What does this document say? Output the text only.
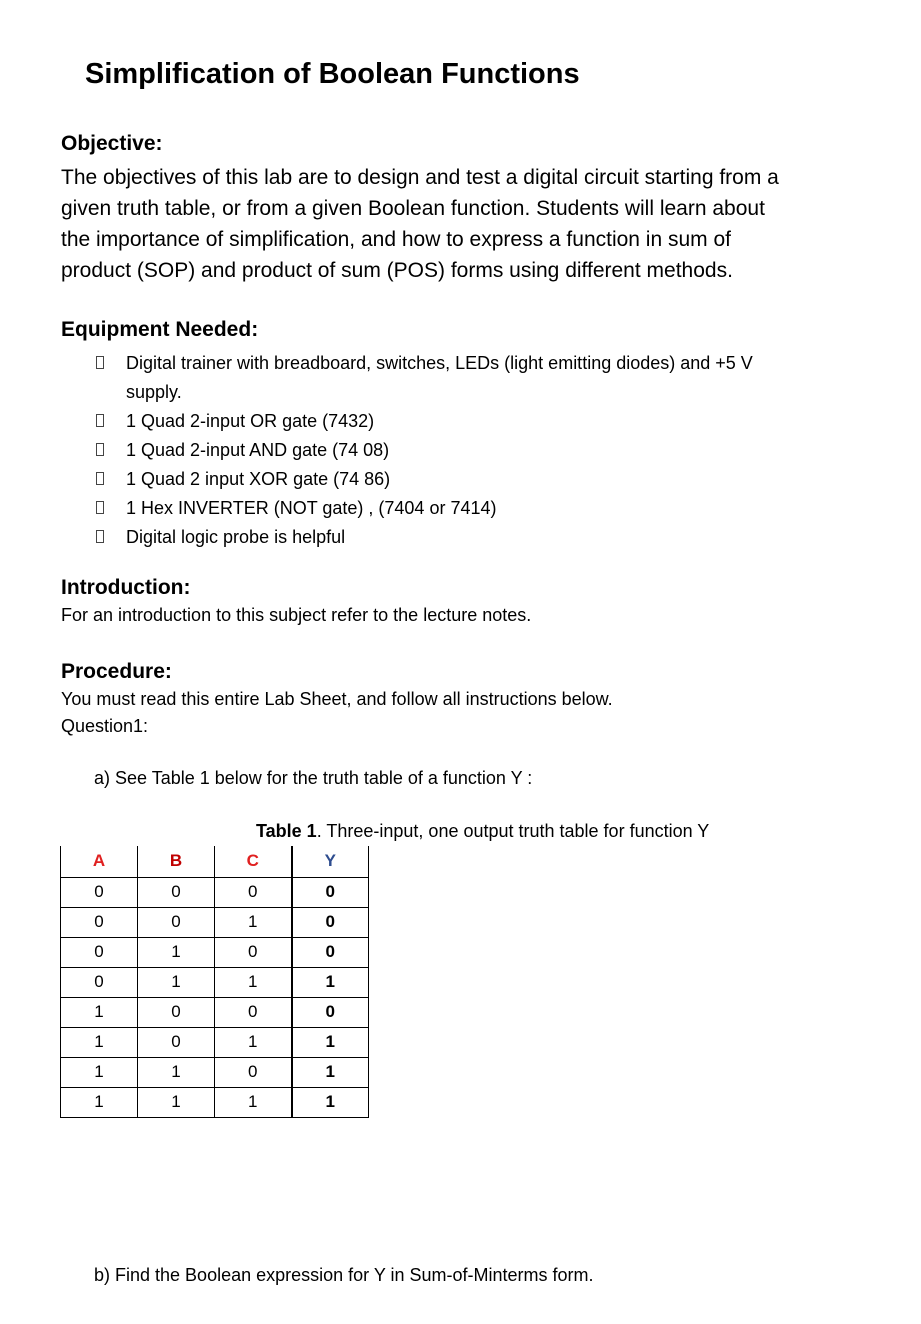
Simplification of Boolean Functions
Objective:
The objectives of this lab are to design and test a digital circuit starting from a
given truth table, or from a given Boolean function. Students will learn about
the importance of simplification, and how to express a function in sum of
product (SOP) and product of sum (POS) forms using different methods.
Equipment Needed:
Digital trainer with breadboard, switches, LEDs (light emitting diodes) and +5 V
supply.
1 Quad 2-input OR gate (7432)
1 Quad 2-input AND gate (74 08)
1 Quad 2 input XOR gate (74 86)
1 Hex INVERTER (NOT gate) , (7404 or 7414)
Digital logic probe is helpful
Introduction:
For an introduction to this subject refer to the lecture notes.
Procedure:
You must read this entire Lab Sheet, and follow all instructions below.
Question1:
a) See Table 1 below for the truth table of a function Y :
Table 1. Three-input, one output truth table for function Y
A	B	C	Y
0	0	0	0
0	0	1	0
0	1	0	0
0	1	1	1
1	0	0	0
1	0	1	1
1	1	0	1
1	1	1	1
b) Find the Boolean expression for Y in Sum-of-Minterms form.
